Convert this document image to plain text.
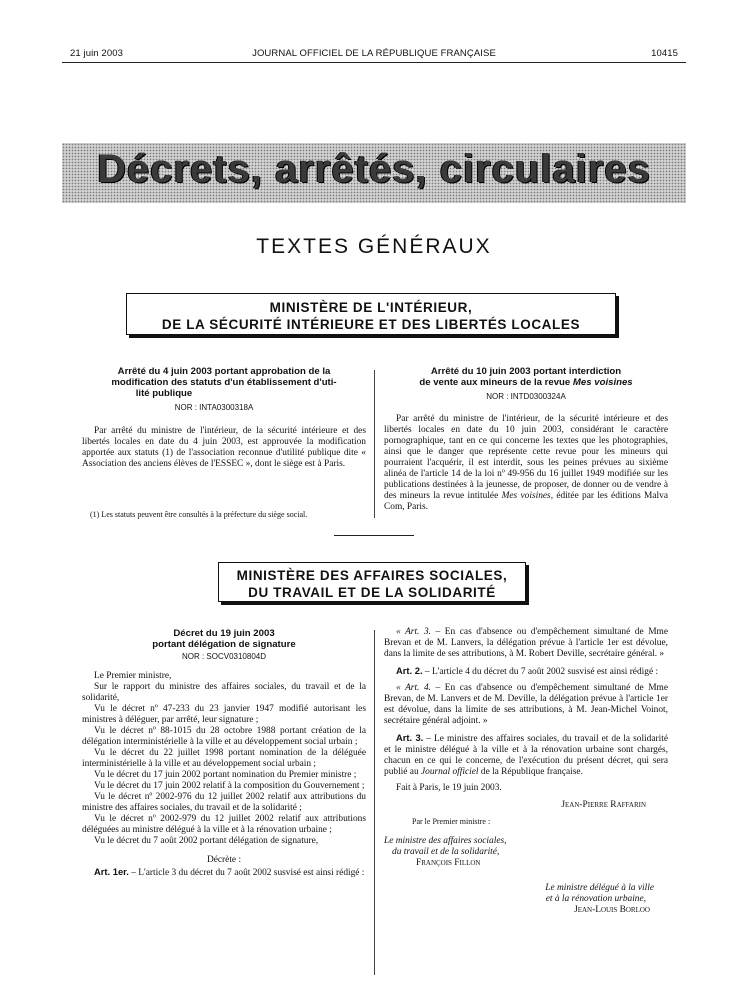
21 juin 2003	JOURNAL OFFICIEL DE LA RÉPUBLIQUE FRANÇAISE	10415
Décrets, arrêtés, circulaires
TEXTES GÉNÉRAUX
MINISTÈRE DE L'INTÉRIEUR,
DE LA SÉCURITÉ INTÉRIEURE ET DES LIBERTÉS LOCALES
Arrêté du 4 juin 2003 portant approbation de la
modification des statuts d'un établissement d'uti-
lité publique
NOR : INTA0300318A

Par arrêté du ministre de l'intérieur, de la sécurité intérieure et des libertés locales en date du 4 juin 2003, est approuvée la modification apportée aux statuts (1) de l'association reconnue d'utilité publique dite « Association des anciens élèves de l'ESSEC », dont le siège est à Paris.

(1) Les statuts peuvent être consultés à la préfecture du siège social.
Arrêté du 10 juin 2003 portant interdiction
de vente aux mineurs de la revue Mes voisines
NOR : INTD0300324A

Par arrêté du ministre de l'intérieur, de la sécurité intérieure et des libertés locales en date du 10 juin 2003, considérant le caractère pornographique, tant en ce qui concerne les textes que les photographies, ainsi que le danger que représente cette revue pour les mineurs qui pourraient l'acquérir, il est interdit, sous les peines prévues au sixième alinéa de l'article 14 de la loi nº 49-956 du 16 juillet 1949 modifiée sur les publications destinées à la jeunesse, de proposer, de donner ou de vendre à des mineurs la revue intitulée Mes voisines, éditée par les éditions Malva Com, Paris.

MINISTÈRE DES AFFAIRES SOCIALES,
DU TRAVAIL ET DE LA SOLIDARITÉ
Décret du 19 juin 2003
portant délégation de signature
NOR : SOCV0310804D

Le Premier ministre,

Sur le rapport du ministre des affaires sociales, du travail et de la solidarité,

Vu le décret nº 47-233 du 23 janvier 1947 modifié autorisant les ministres à déléguer, par arrêté, leur signature ;

Vu le décret nº 88-1015 du 28 octobre 1988 portant création de la délégation interministérielle à la ville et au développement social urbain ;

Vu le décret du 22 juillet 1998 portant nomination de la déléguée interministérielle à la ville et au développement social urbain ;

Vu le décret du 17 juin 2002 portant nomination du Premier ministre ;

Vu le décret du 17 juin 2002 relatif à la composition du Gouvernement ;

Vu le décret nº 2002-976 du 12 juillet 2002 relatif aux attributions du ministre des affaires sociales, du travail et de la solidarité ;

Vu le décret nº 2002-979 du 12 juillet 2002 relatif aux attributions déléguées au ministre délégué à la ville et à la rénovation urbaine ;

Vu le décret du 7 août 2002 portant délégation de signature,

Décrète :

Art. 1er. – L'article 3 du décret du 7 août 2002 susvisé est ainsi rédigé :

« Art. 3. – En cas d'absence ou d'empêchement simultané de Mme Brevan et de M. Lanvers, la délégation prévue à l'article 1er est dévolue, dans la limite de ses attributions, à M. Robert Deville, secrétaire général. »

Art. 2. – L'article 4 du décret du 7 août 2002 susvisé est ainsi rédigé :

« Art. 4. – En cas d'absence ou d'empêchement simultané de Mme Brevan, de M. Lanvers et de M. Deville, la délégation prévue à l'article 1er est dévolue, dans la limite de ses attributions, à M. Jean-Michel Voinot, secrétaire général adjoint. »

Art. 3. – Le ministre des affaires sociales, du travail et de la solidarité et le ministre délégué à la ville et à la rénovation urbaine sont chargés, chacun en ce qui le concerne, de l'exécution du présent décret, qui sera publié au Journal officiel de la République française.

Fait à Paris, le 19 juin 2003.

Jean-Pierre Raffarin
Par le Premier ministre :
Le ministre des affaires sociales,
du travail et de la solidarité,
François Fillon
Le ministre délégué à la ville
et à la rénovation urbaine,
Jean-Louis Borloo
